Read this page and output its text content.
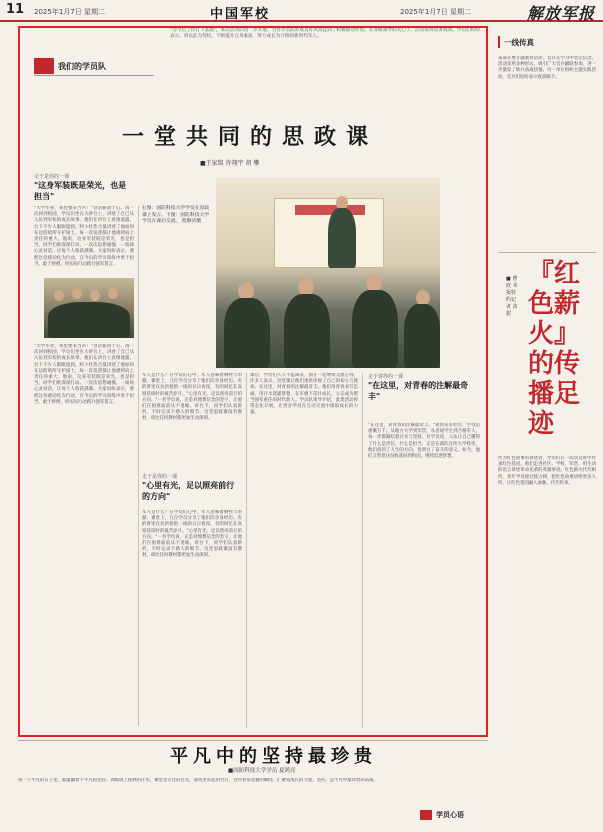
11 2025年1月7日 星期二	中国军校	2025年1月7日 星期二	解放军报
我们的学员队
"为今后工作打下基础"，本次活动的进一步开展，为各学员队形成良好风尚起到了积极推动作用。在各级领导的关心下，活动取得显著成效。学员们纷纷表示，将以此为契机，不断提升自身素质，努力成长为合格的新时代军人。
一堂共同的思政课
■王家铭 许翔宇 胡 攀
右图：国防科技大学学员在思政课上发言。下图：国防科技大学学员在课后交流。 程顺涛摄
走于是你的一课
"这身军装既是荣光，也是担当"
"大学毕业，我也要来当兵！"这话振动于心。再一次回到校园，学员们坐在大讲台上，讲述了自己从入伍到军校的成长故事。他们在讲台上真情流露，台下不少人眼眶湿润。阿卜杜热合曼讲述了他如何在边防哨所守护国土，每一次巡逻都让他感到肩上责任的重大。他说，这身军装既是荣光，也是担当。同学们被深深打动。一次次思想碰撞，一场场心灵对话，让每个人收获满满。大家纷纷表示，要把这份感动化为行动，在今后的学习训练中勇于担当、敢于拼搏，用实际行动践行强军誓言。
"大学毕业，我也要来当兵！"这话振动于心。再一次回到校园，学员们坐在大讲台上，讲述了自己从入伍到军校的成长故事。他们在讲台上真情流露，台下不少人眼眶湿润。阿卜杜热合曼讲述了他如何在边防哨所守护国土，每一次巡逻都让他感到肩上责任的重大。他说，这身军装既是荣光，也是担当。同学们被深深打动。一次次思想碰撞，一场场心灵对话，让每个人收获满满。大家纷纷表示，要把这份感动化为行动，在今后的学习训练中勇于担当、敢于拼搏，用实际行动践行强军誓言。
军人是什么？在学员们心中，军人意味着牺牲与奉献。课堂上，几位学员分享了他们的亲身经历。有的讲述在抗洪抢险一线的日日夜夜，有的回忆在高原驻训时的艰苦岁月。"心里有光，足以照亮前行的方向。"一名学员说，正是对理想信念的坚守，让他们在困难面前从不退缩。讲台下，同学们认真聆听，不时记录下感人的细节。这堂思政课没有教材，却比任何教材都更加生动深刻。
走于是你的一课
"心里有光，足以照亮前行的方向"
军人是什么？在学员们心中，军人意味着牺牲与奉献。课堂上，几位学员分享了他们的亲身经历。有的讲述在抗洪抢险一线的日日夜夜，有的回忆在高原驻训时的艰苦岁月。"心里有光，足以照亮前行的方向。"一名学员说，正是对理想信念的坚守，让他们在困难面前从不退缩。讲台下，同学们认真聆听，不时记录下感人的细节。这堂思政课没有教材，却比任何教材都更加生动深刻。
课后，学员们久久不愿离去，围在一起继续交流心得。许多人表示，这堂课让他们重新审视了自己的初心与使命。在这里，对青春的注解最奇丰。他们用青春书写忠诚，用汗水浇灌梦想，在军旗下茁壮成长，立志成为堪当强军重任的时代新人。学员队领导介绍，此类活动将常态化开展，让更多学员在互动交流中汲取成长的力量。
走于讲得的一课
"在这里，对青春的注解最奇丰"
"在这里，对青春的注解最奇丰。"谈到从军经历，学员们感慨万千。从地方大学到军营，从普通学生到合格军人，每一步都凝结着汗水与坚持。有学员说，入伍让自己懂得了什么是责任，什么是担当。正是在部队这所大学校里，他们找到了人生的方向，也明白了奋斗的意义。如今，他们又带着这份收获回到校园，继续追逐梦想。
一线传真
某部开展专题教育活动，官兵在学习中坚定信念。活动采用多种形式，吸引广大官兵踊跃参加，进一步激发了练兵备战热情。另一单位组织主题实践活动，官兵们纷纷表示收获颇丰。
■ 曹 欣 本报特约记者 苗 甜
『红色薪火』的传播足迹
作为红色故事的讲述者，学员们在一次次宣讲中传承红色基因。他们走进社区、学校、军营，用生动的语言讲述革命先辈的英雄事迹。红色薪火代代相传，青年学员接过接力棒，把红色故事讲给更多人听，让红色基因融入血脉、代代传承。
平凡中的坚持最珍贵
■国防科技大学学员 夏鸿亮
每一个平凡的日子里，都蕴藏着不平凡的坚持。训练场上挥洒的汗水，课堂里专注的目光，深夜里亮起的台灯，这些看似普通的瞬间，汇聚成成长的力量。坚持，是平凡中最珍贵的品质。
学员心语
